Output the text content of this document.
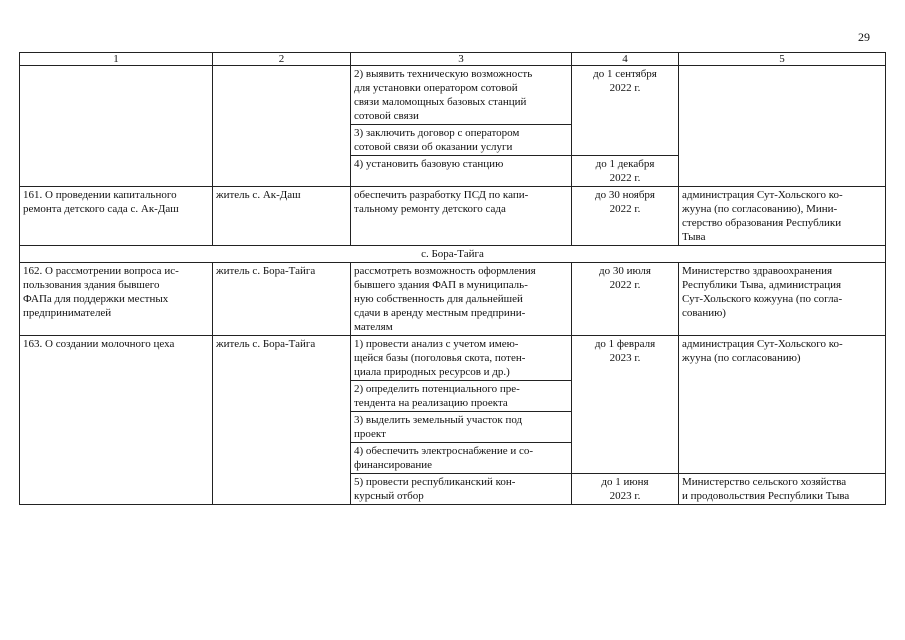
29
1	2	3	4	5
		2) выявить техническую возможность
для установки оператором сотовой
связи маломощных базовых станций
сотовой связи	до 1 сентября
2022 г.	
		3) заключить договор с оператором
сотовой связи об оказании услуги		
		4) установить базовую станцию	до 1 декабря
2022 г.	
161. О проведении капитального
ремонта детского сада с. Ак-Даш	житель с. Ак-Даш	обеспечить разработку ПСД по капи-
тальному ремонту детского сада	до 30 ноября
2022 г.	администрация Сут-Хольского ко-
жууна (по согласованию), Мини-
стерство образования Республики
Тыва
с. Бора-Тайга				
162. О рассмотрении вопроса ис-
пользования здания бывшего
ФАПа для поддержки местных
предпринимателей	житель с. Бора-Тайга	рассмотреть возможность оформления
бывшего здания ФАП в муниципаль-
ную собственность для дальнейшей
сдачи в аренду местным предприни-
мателям	до 30 июля
2022 г.	Министерство здравоохранения
Республики Тыва, администрация
Сут-Хольского кожууна (по согла-
сованию)
163. О создании молочного цеха	житель с. Бора-Тайга	1) провести анализ с учетом имею-
щейся базы (поголовья скота, потен-
циала природных ресурсов и др.)	до 1 февраля
2023 г.	администрация Сут-Хольского ко-
жууна (по согласованию)
		2) определить потенциального пре-
тендента на реализацию проекта		
		3) выделить земельный участок под
проект		
		4) обеспечить электроснабжение и со-
финансирование		
		5) провести республиканский кон-
курсный отбор	до 1 июня
2023 г.	Министерство сельского хозяйства
и продовольствия Республики Тыва
